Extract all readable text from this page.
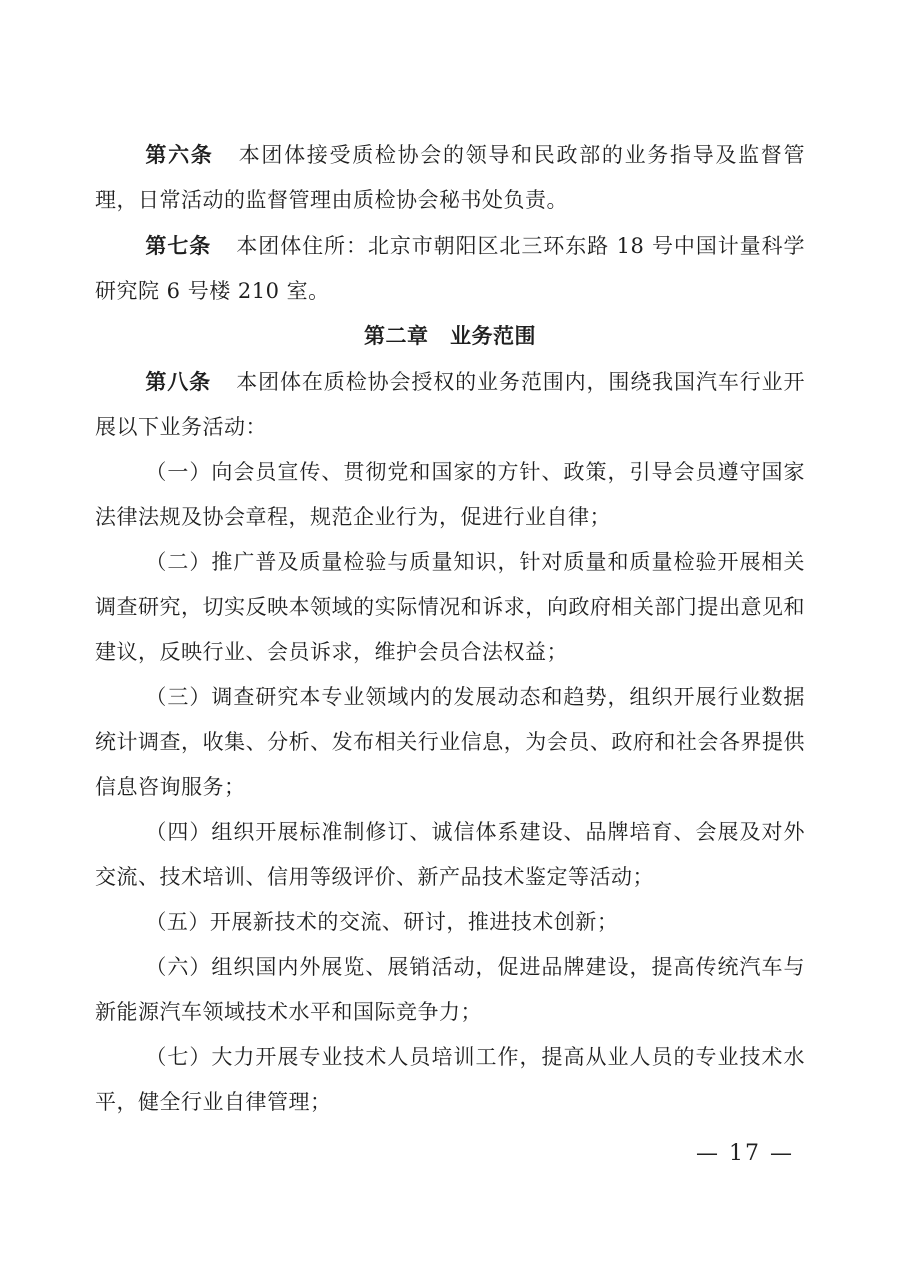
第六条 本团体接受质检协会的领导和民政部的业务指导及监督管理，日常活动的监督管理由质检协会秘书处负责。

第七条 本团体住所：北京市朝阳区北三环东路 18 号中国计量科学研究院 6 号楼 210 室。

第二章　业务范围

第八条 本团体在质检协会授权的业务范围内，围绕我国汽车行业开展以下业务活动：

（一）向会员宣传、贯彻党和国家的方针、政策，引导会员遵守国家法律法规及协会章程，规范企业行为，促进行业自律；

（二）推广普及质量检验与质量知识，针对质量和质量检验开展相关调查研究，切实反映本领域的实际情况和诉求，向政府相关部门提出意见和建议，反映行业、会员诉求，维护会员合法权益；

（三）调查研究本专业领域内的发展动态和趋势，组织开展行业数据统计调查，收集、分析、发布相关行业信息，为会员、政府和社会各界提供信息咨询服务；

（四）组织开展标准制修订、诚信体系建设、品牌培育、会展及对外交流、技术培训、信用等级评价、新产品技术鉴定等活动；

（五）开展新技术的交流、研讨，推进技术创新；

（六）组织国内外展览、展销活动，促进品牌建设，提高传统汽车与新能源汽车领域技术水平和国际竞争力；

（七）大力开展专业技术人员培训工作，提高从业人员的专业技术水平，健全行业自律管理；

— 17 —
